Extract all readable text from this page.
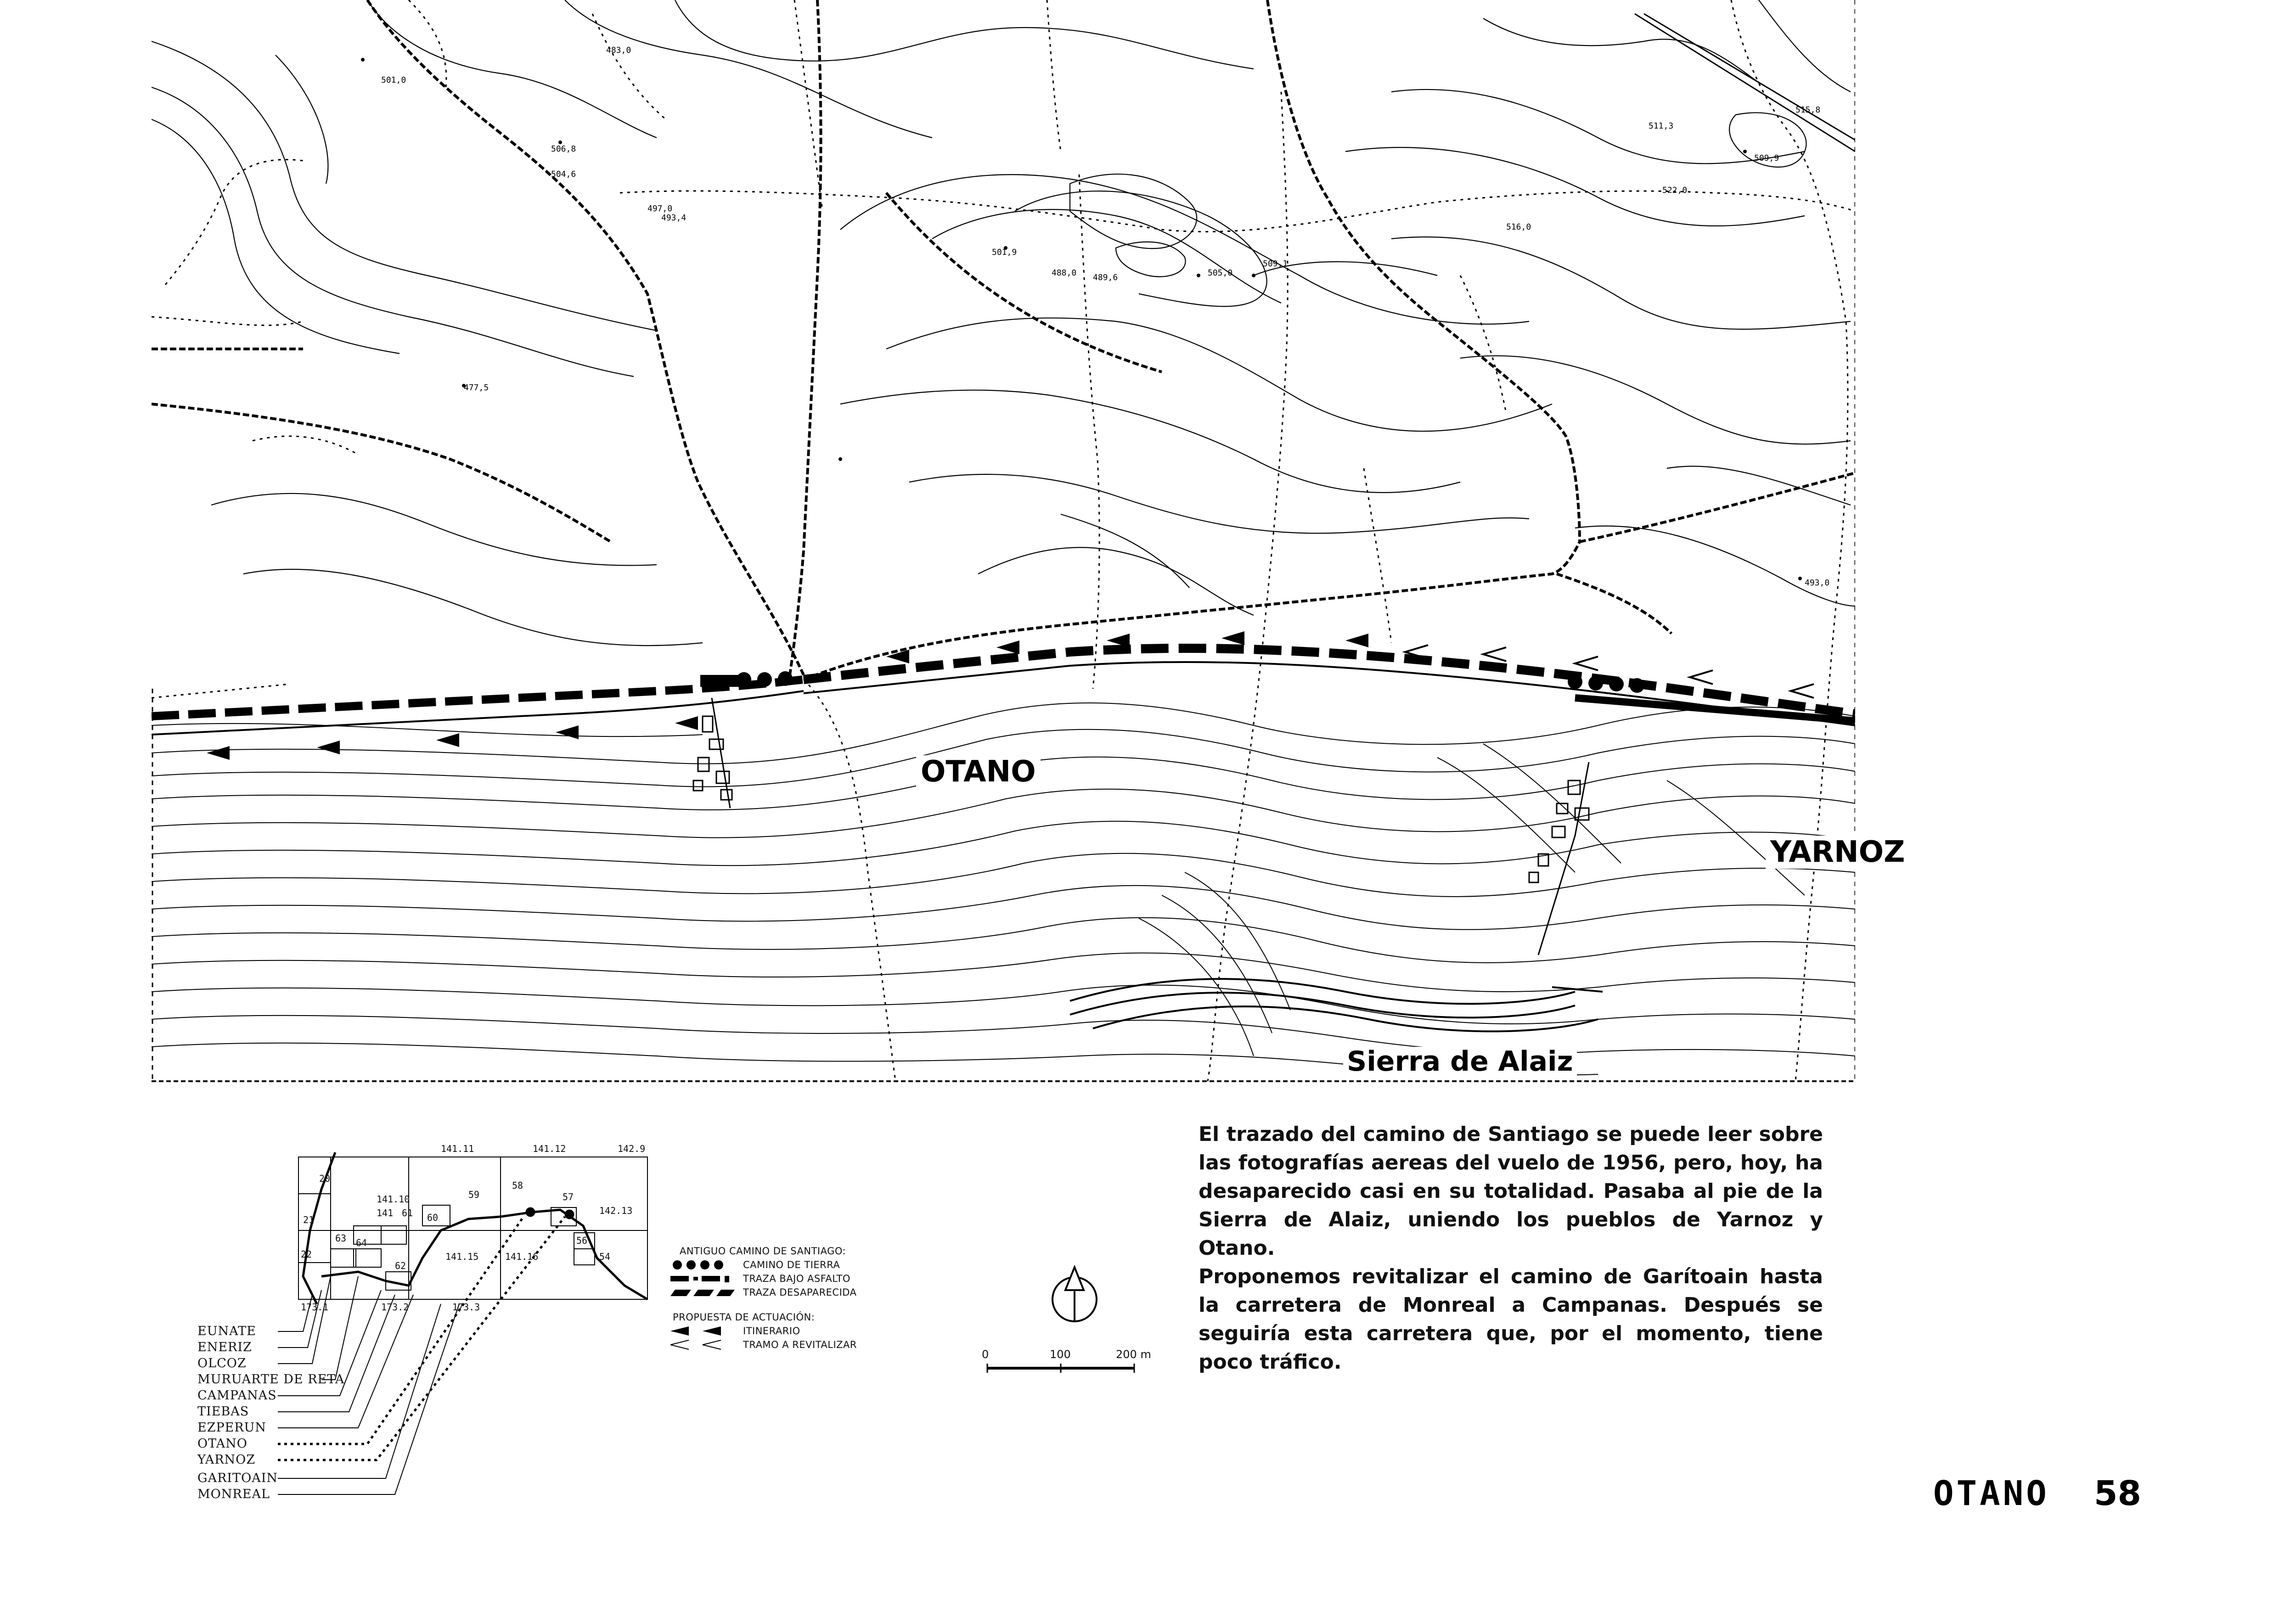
483,0
501,0
506,8
504,6
497,0
493,4
477,5
489,6
501,9
488,0	505,0
509,1
511,3
516,0
522,0
509,9
515,8
493,0
OTANO
YARNOZ
Sierra de Alaiz
141.11	141.12	142.9
141.10
141 61 60
59
58
57
142.13
20
21
22
64
63
62
141.15	141.16
56
54
173.1	173.2	173.3
EUNATE
ENERIZ
OLCOZ
MURUARTE DE RETA
CAMPANAS
TIEBAS
EZPERUN
OTANO
YARNOZ
GARITOAIN
MONREAL
ANTIGUO CAMINO DE SANTIAGO:
CAMINO DE TIERRA
TRAZA BAJO ASFALTO
TRAZA DESAPARECIDA
PROPUESTA DE ACTUACIÓN:
ITINERARIO
TRAMO A REVITALIZAR
0	100	200 m

El trazado del camino de Santiago se puede leer sobre las fotografías aereas del vuelo de 1956, pero, hoy, ha desaparecido casi en su totalidad. Pasaba al pie de la Sierra de Alaiz, uniendo los pueblos de Yarnoz y Otano.

Proponemos revitalizar el camino de Garítoain hasta la carretera de Monreal a Campanas. Después se seguiría esta carretera que, por el momento, tiene poco tráfico.

OTANO 58
